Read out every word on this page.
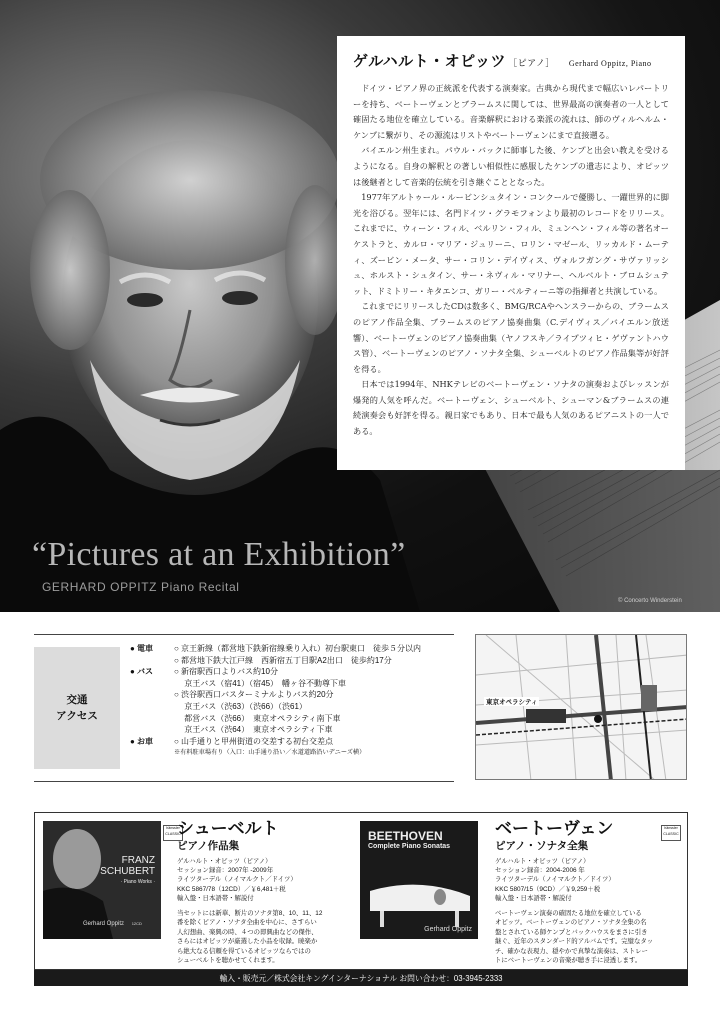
ゲルハルト・オピッツ ［ピアノ］ Gerhard Oppitz, Piano

ドイツ・ピアノ界の正統派を代表する演奏家。古典から現代まで幅広いレパートリーを持ち、ベートーヴェンとブラームスに関しては、世界最高の演奏者の一人として確固たる地位を確立している。音楽解釈における楽派の流れは、師のヴィルヘルム・ケンプに繋がり、その源流はリストやベートーヴェンにまで直接遡る。

バイエルン州生まれ。パウル・バックに師事した後、ケンプと出会い教えを受けるようになる。自身の解釈との著しい相似性に感服したケンプの遺志により、オピッツは後継者として音楽的伝統を引き継ぐこととなった。

1977年アルトゥール・ルービンシュタイン・コンクールで優勝し、一躍世界的に脚光を浴びる。翌年には、名門ドイツ・グラモフォンより最初のレコードをリリース。これまでに、ウィーン・フィル、ベルリン・フィル、ミュンヘン・フィル等の著名オーケストラと、カルロ・マリア・ジュリーニ、ロリン・マゼール、リッカルド・ムーティ、ズービン・メータ、サー・コリン・デイヴィス、ヴォルフガング・サヴァリッシュ、ホルスト・シュタイン、サー・ネヴィル・マリナー、ヘルベルト・ブロムシュテット、ドミトリー・キタエンコ、ガリー・ベルティーニ等の指揮者と共演している。

これまでにリリースしたCDは数多く、BMG/RCAやヘンスラーからの、ブラームスのピアノ作品全集、ブラームスのピアノ協奏曲集（C.デイヴィス／バイエルン放送響）、ベートーヴェンのピアノ協奏曲集（ヤノフスキ／ライプツィヒ・ゲヴァントハウス管）、ベートーヴェンのピアノ・ソナタ全集、シューベルトのピアノ作品集等が好評を得る。

日本では1994年、NHKテレビのベートーヴェン・ソナタの演奏およびレッスンが爆発的人気を呼んだ。ベートーヴェン、シューベルト、シューマン&ブラームスの連続演奏会も好評を得る。親日家でもあり、日本で最も人気のあるピアニストの一人である。

“Pictures at an Exhibition”
GERHARD OPPITZ Piano Recital
© Concerto Winderstein
交通
アクセス
● 電車	○ 京王新線（都営地下鉄新宿線乗り入れ）初台駅東口　徒歩５分以内
○ 都営地下鉄大江戸線　西新宿五丁目駅A2出口　徒歩約17分
● バス	○ 新宿駅西口よりバス約10分
　 京王バス（宿41）（宿45）　幡ヶ谷不動尊下車
○ 渋谷駅西口バスターミナルよりバス約20分
　 京王バス（渋63）（渋66）（渋61）
　 都営バス（渋66）　東京オペラシティ南下車
　 京王バス（渋64）　東京オペラシティ下車
● お車	○ 山手通りと甲州街道の交差する初台交差点
※有料駐車場有り（入口：山手通り沿い／水道道路沿いデニーズ横）
東京オペラシティ
FRANZ
SCHUBERT
· Piano Works ·
Gerhard Oppitz 12CD
hänssler CLASSIC
シューベルト
ピアノ作品集
ゲルハルト・オピッツ（ピアノ）
セッション録音：2007年 -2009年
ライツターデル（ノイマルクト／ドイツ）
KKC 5867/78（12CD）／￥6,481＋税
輸入盤・日本語帯・解説付
当セットには新華、断片のソナタ第8、10、11、12
番を除くピアノ・ソナタ全曲を中心に、さすらい
人幻想曲、楽興の時、４つの即興曲などの傑作、
さらにはオピッツが厳選した小品を収録。暁楽か
ら絶大なる信頼を得ているオピッツならではの
シューベルトを聴かせてくれます。
BEETHOVEN
Complete Piano Sonatas
Gerhard Oppitz
hänssler CLASSIC
ベートーヴェン
ピアノ・ソナタ全集
ゲルハルト・オピッツ（ピアノ）
セッション録音：2004-2006 年
ライツターデル（ノイマルクト／ドイツ）
KKC 5807/15（9CD）／￥9,259＋税
輸入盤・日本語帯・解説付
ベートーヴェン演奏の確固たる地位を確立している
オピッツ。ベートーヴェンのピアノ・ソナタ全集の名
盤とされている師ケンプとバックハウスをまさに引き
継ぐ、近年のスタンダード的アルバムです。完璧なタッ
チ、確かな表現力、穏やかで真摯な演奏は、ストレー
トにベートーヴェンの音楽が聴き手に浸透します。
輸入・販売元／株式会社キングインターナショナル お問い合わせ：03-3945-2333
